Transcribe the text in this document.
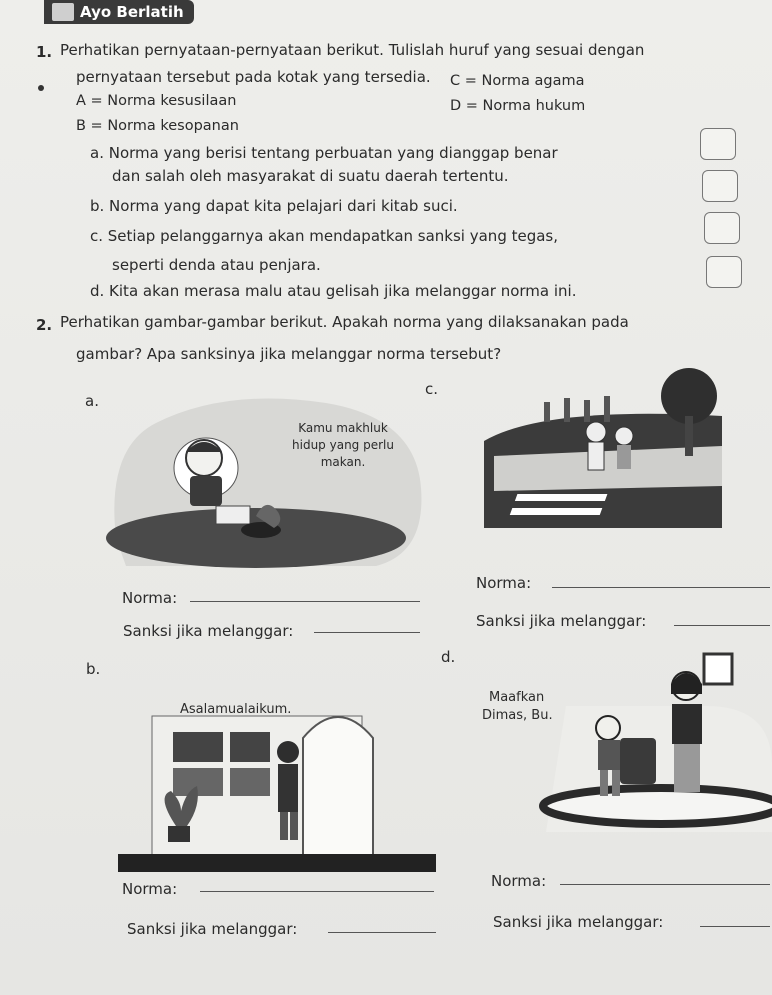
Ayo Berlatih
1. Perhatikan pernyataan-pernyataan berikut. Tulislah huruf yang sesuai dengan
pernyataan tersebut pada kotak yang tersedia.
A = Norma kesusilaan
B = Norma kesopanan
C = Norma agama
D = Norma hukum
a. Norma yang berisi tentang perbuatan yang dianggap benar
dan salah oleh masyarakat di suatu daerah tertentu.
b. Norma yang dapat kita pelajari dari kitab suci.
c. Setiap pelanggarnya akan mendapatkan sanksi yang tegas,
seperti denda atau penjara.
d. Kita akan merasa malu atau gelisah jika melanggar norma ini.
2. Perhatikan gambar-gambar berikut. Apakah norma yang dilaksanakan pada
gambar? Apa sanksinya jika melanggar norma tersebut?
a.
Kamu makhluk
hidup yang perlu
makan.
c.
Norma:
Norma:
Sanksi jika melanggar:
Sanksi jika melanggar:
b.
Asalamualaikum.
d.
Maafkan
Dimas, Bu.
Norma:	Norma:
Sanksi jika melanggar:	Sanksi jika melanggar:
